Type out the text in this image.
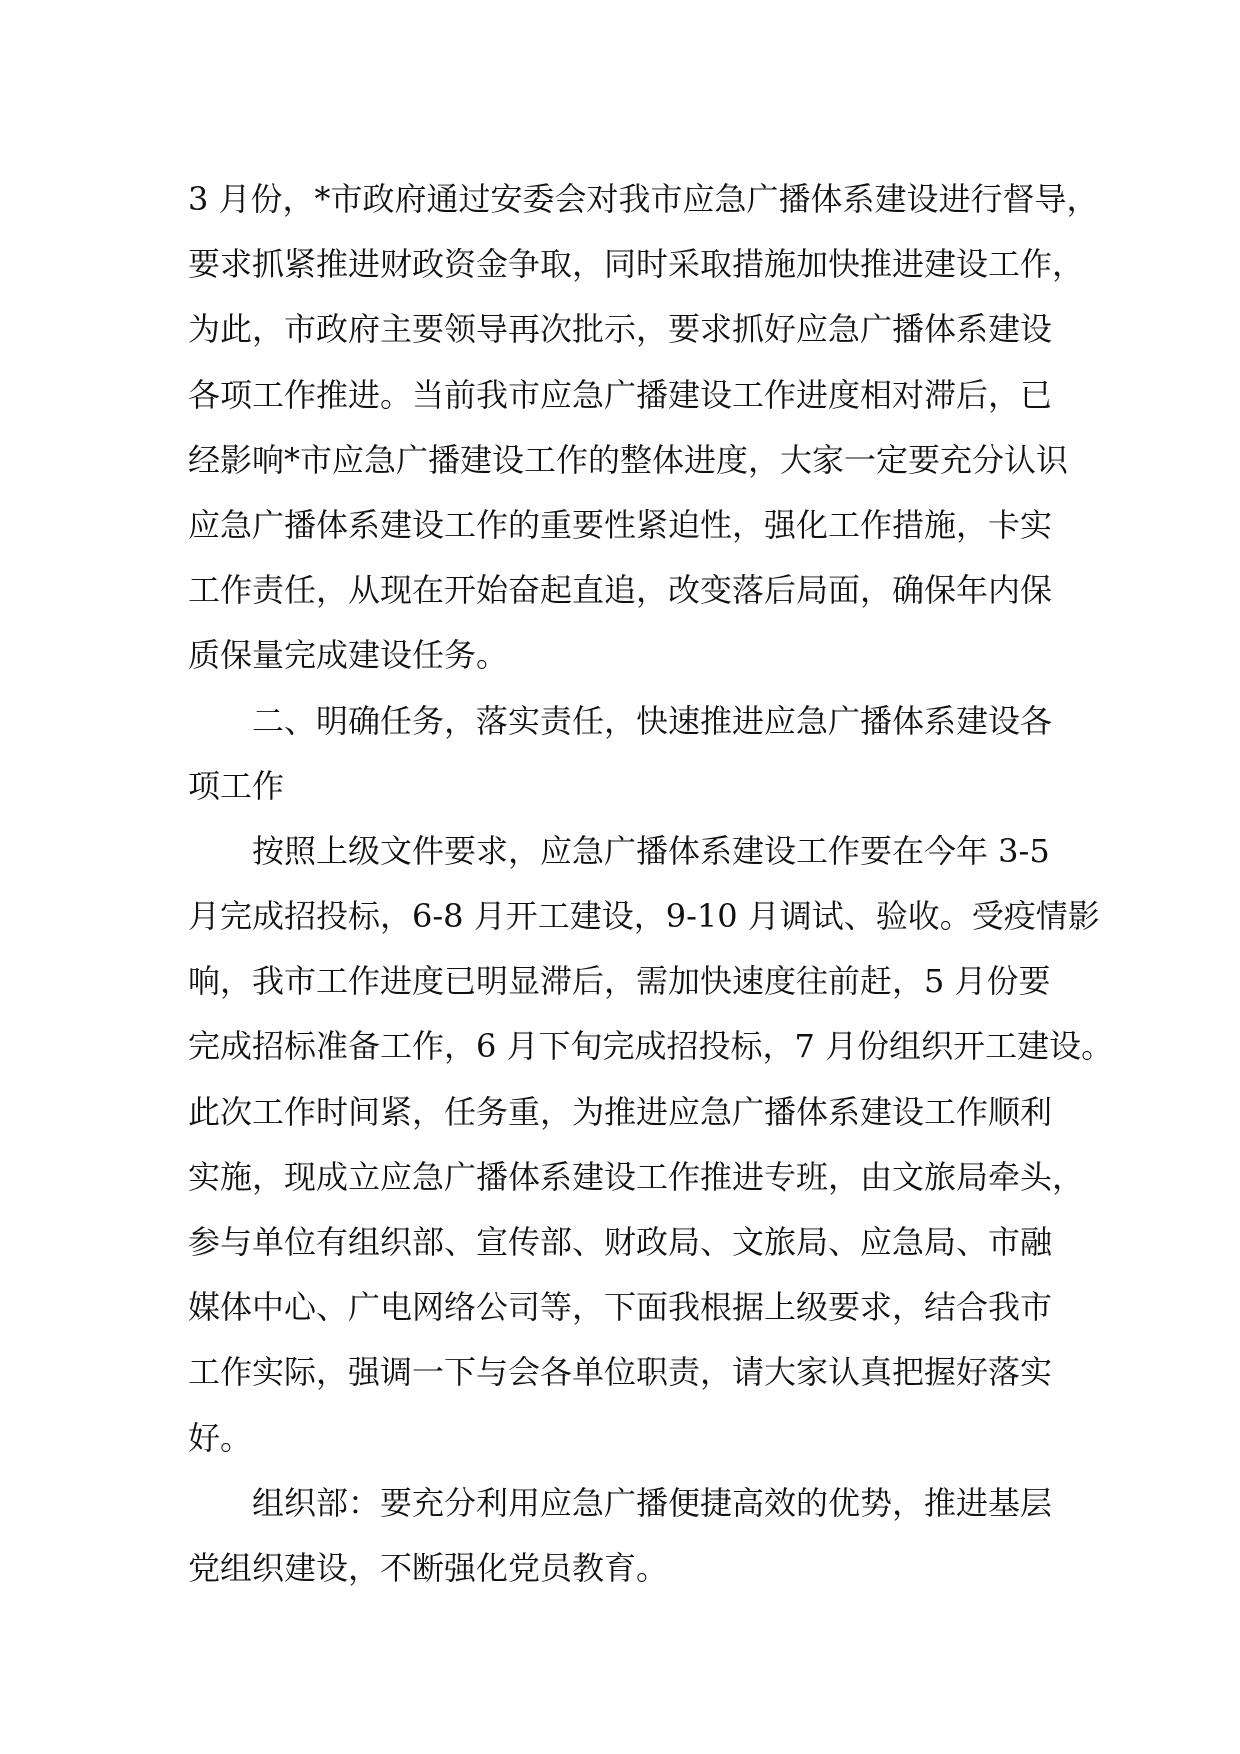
3 月份，*市政府通过安委会对我市应急广播体系建设进行督导，
要求抓紧推进财政资金争取，同时采取措施加快推进建设工作，
为此，市政府主要领导再次批示，要求抓好应急广播体系建设
各项工作推进。当前我市应急广播建设工作进度相对滞后，已
经影响*市应急广播建设工作的整体进度，大家一定要充分认识
应急广播体系建设工作的重要性紧迫性，强化工作措施，卡实
工作责任，从现在开始奋起直追，改变落后局面，确保年内保
质保量完成建设任务。
二、明确任务，落实责任，快速推进应急广播体系建设各
项工作
按照上级文件要求，应急广播体系建设工作要在今年 3-5
月完成招投标，6-8 月开工建设，9-10 月调试、验收。受疫情影
响，我市工作进度已明显滞后，需加快速度往前赶，5 月份要
完成招标准备工作，6 月下旬完成招投标，7 月份组织开工建设。
此次工作时间紧，任务重，为推进应急广播体系建设工作顺利
实施，现成立应急广播体系建设工作推进专班，由文旅局牵头，
参与单位有组织部、宣传部、财政局、文旅局、应急局、市融
媒体中心、广电网络公司等，下面我根据上级要求，结合我市
工作实际，强调一下与会各单位职责，请大家认真把握好落实
好。
组织部：要充分利用应急广播便捷高效的优势，推进基层
党组织建设，不断强化党员教育。
